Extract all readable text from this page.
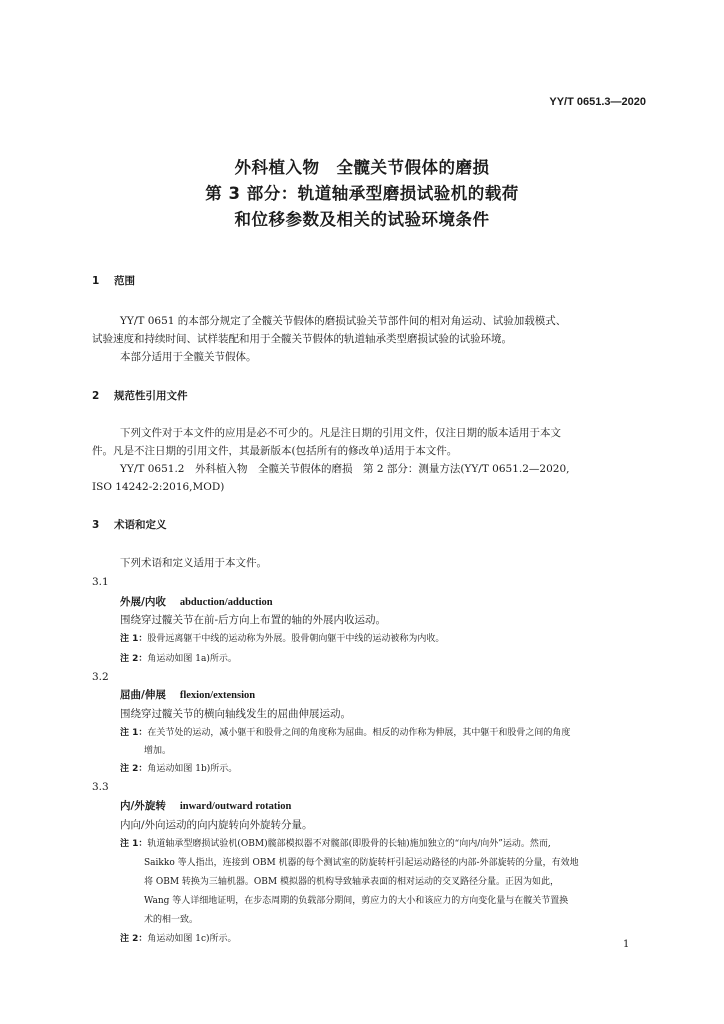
YY/T 0651.3—2020
外科植入物　全髋关节假体的磨损
第 3 部分：轨道轴承型磨损试验机的载荷
和位移参数及相关的试验环境条件
1 范围
YY/T 0651 的本部分规定了全髋关节假体的磨损试验关节部件间的相对角运动、试验加载模式、
试验速度和持续时间、试样装配和用于全髋关节假体的轨道轴承类型磨损试验的试验环境。
本部分适用于全髋关节假体。
2 规范性引用文件
下列文件对于本文件的应用是必不可少的。凡是注日期的引用文件，仅注日期的版本适用于本文
件。凡是不注日期的引用文件，其最新版本(包括所有的修改单)适用于本文件。
YY/T 0651.2　外科植入物　全髋关节假体的磨损　第 2 部分：测量方法(YY/T 0651.2—2020,
ISO 14242-2:2016,MOD)
3 术语和定义
下列术语和定义适用于本文件。
3.1
外展/内收 abduction/adduction
围绕穿过髋关节在前-后方向上布置的轴的外展内收运动。
注 1：股骨远离躯干中线的运动称为外展。股骨朝向躯干中线的运动被称为内收。
注 2：角运动如图 1a)所示。
3.2
屈曲/伸展 flexion/extension
围绕穿过髋关节的横向轴线发生的屈曲伸展运动。
注 1：在关节处的运动，减小躯干和股骨之间的角度称为屈曲。相反的动作称为伸展，其中躯干和股骨之间的角度
增加。
注 2：角运动如图 1b)所示。
3.3
内/外旋转 inward/outward rotation
内向/外向运动的向内旋转向外旋转分量。
注 1：轨道轴承型磨损试验机(OBM)髋部模拟器不对髋部(即股骨的长轴)施加独立的“向内/向外”运动。然而,
Saikko 等人指出，连接到 OBM 机器的每个测试室的防旋转杆引起运动路径的内部-外部旋转的分量，有效地
将 OBM 转换为三轴机器。OBM 模拟器的机构导致轴承表面的相对运动的交叉路径分量。正因为如此，
Wang 等人详细地证明，在步态周期的负载部分期间，剪应力的大小和该应力的方向变化量与在髋关节置换
术的相一致。
注 2：角运动如图 1c)所示。	1
